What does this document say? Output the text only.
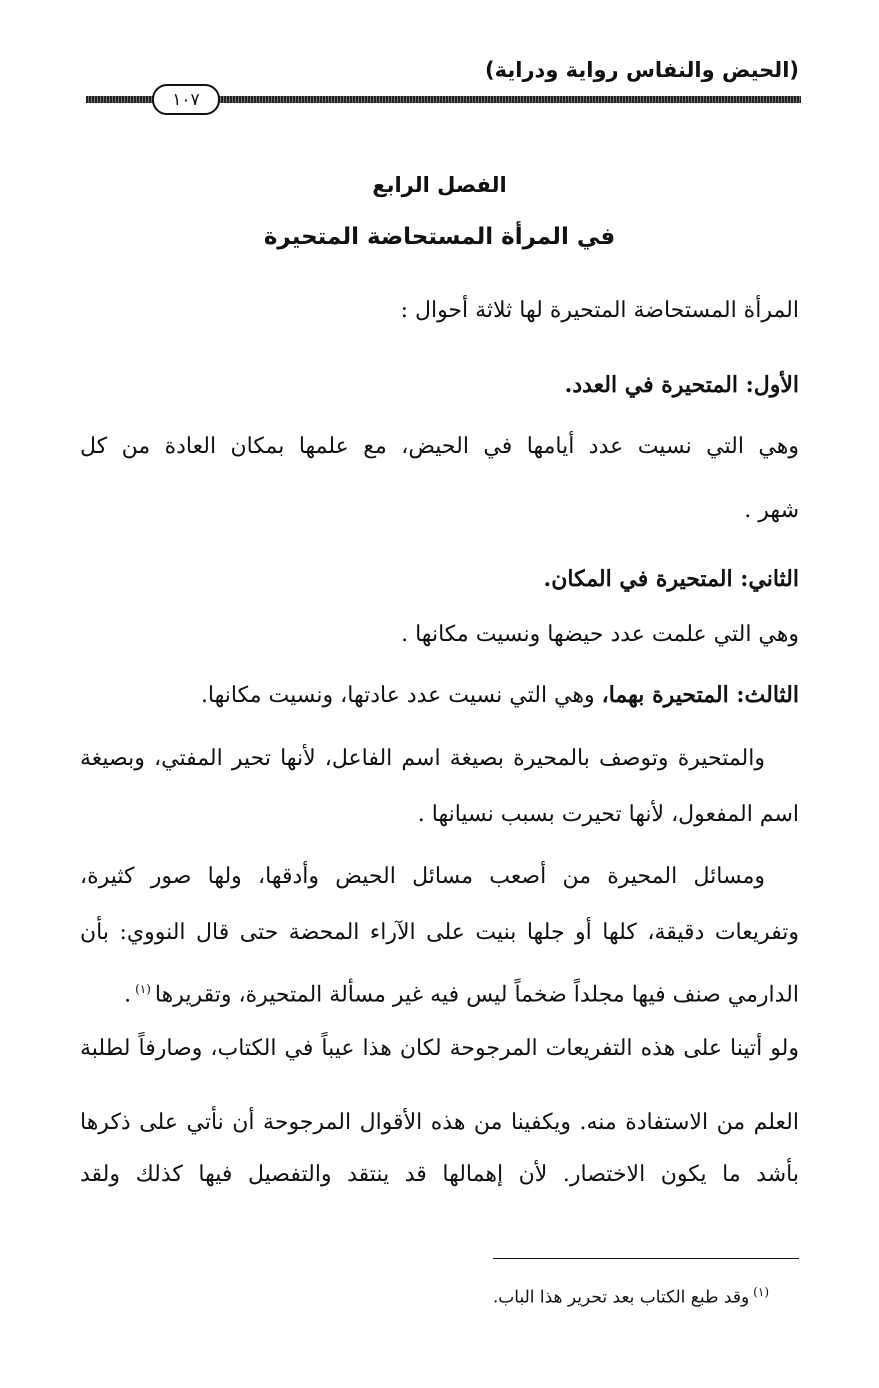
(الحيض والنفاس رواية ودراية)
١٠٧
الفصل الرابع
في المرأة المستحاضة المتحيرة
المرأة المستحاضة المتحيرة لها ثلاثة أحوال :
الأول: المتحيرة في العدد.
وهي التي نسيت عدد أيامها في الحيض، مع علمها بمكان العادة من كل
شهر .
الثاني: المتحيرة في المكان.
وهي التي علمت عدد حيضها ونسيت مكانها .
الثالث: المتحيرة بهما، وهي التي نسيت عدد عادتها، ونسيت مكانها.
والمتحيرة وتوصف بالمحيرة بصيغة اسم الفاعل، لأنها تحير المفتي، وبصيغة
اسم المفعول، لأنها تحيرت بسبب نسيانها .
ومسائل المحيرة من أصعب مسائل الحيض وأدقها، ولها صور كثيرة،
وتفريعات دقيقة، كلها أو جلها بنيت على الآراء المحضة حتى قال النووي: بأن
الدارمي صنف فيها مجلداً ضخماً ليس فيه غير مسألة المتحيرة، وتقريرها$^{(١)}$.
ولو أتينا على هذه التفريعات المرجوحة لكان هذا عيباً في الكتاب، وصارفاً لطلبة
العلم من الاستفادة منه. ويكفينا من هذه الأقوال المرجوحة أن نأتي على ذكرها
بأشد ما يكون الاختصار. لأن إهمالها قد ينتقد والتفصيل فيها كذلك ولقد
$^{(١)}$وقد طبع الكتاب بعد تحرير هذا الباب.
